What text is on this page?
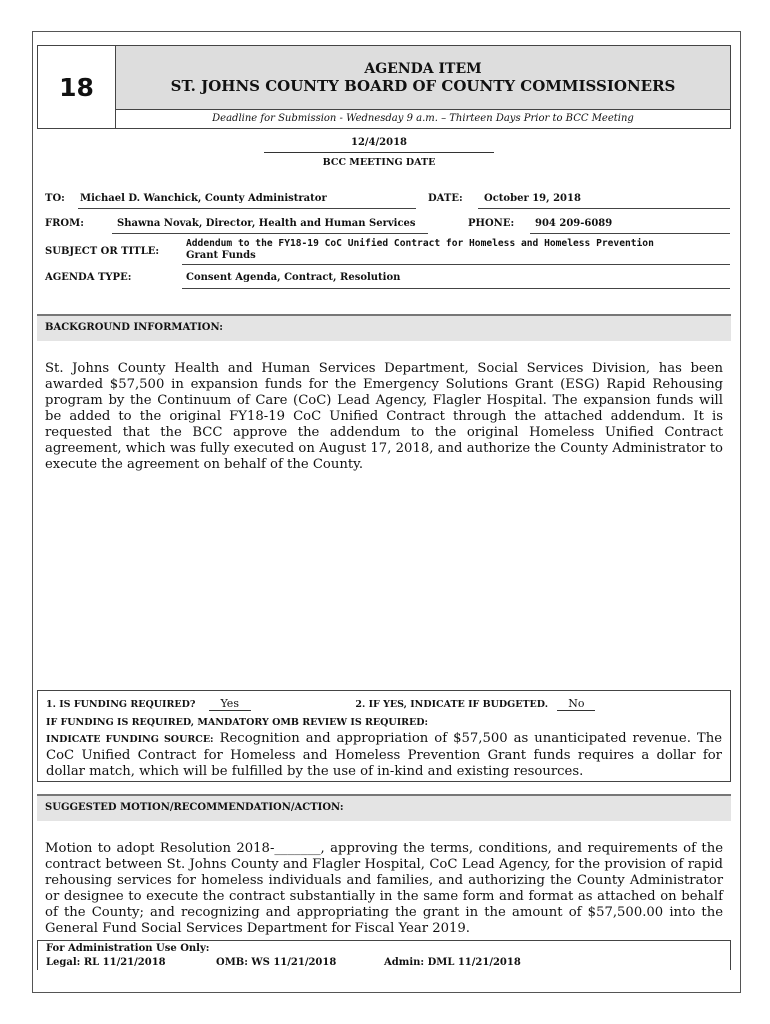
18
AGENDA ITEM
ST. JOHNS COUNTY BOARD OF COUNTY COMMISSIONERS
Deadline for Submission - Wednesday 9 a.m. – Thirteen Days Prior to BCC Meeting
12/4/2018
BCC MEETING DATE
TO: Michael D. Wanchick, County Administrator	DATE: October 19, 2018
FROM:	Shawna Novak, Director, Health and Human Services	PHONE: 904 209-6089
SUBJECT OR TITLE:
Addendum to the FY18-19 CoC Unified Contract for Homeless and Homeless Prevention
Grant Funds
AGENDA TYPE:	Consent Agenda, Contract, Resolution
BACKGROUND INFORMATION:
St. Johns County Health and Human Services Department, Social Services Division, has been awarded $57,500 in expansion funds for the Emergency Solutions Grant (ESG) Rapid Rehousing program by the Continuum of Care (CoC) Lead Agency, Flagler Hospital. The expansion funds will be added to the original FY18-19 CoC Unified Contract through the attached addendum. It is requested that the BCC approve the addendum to the original Homeless Unified Contract agreement, which was fully executed on August 17, 2018, and authorize the County Administrator to execute the agreement on behalf of the County.
1. IS FUNDING REQUIRED? Yes	2. IF YES, INDICATE IF BUDGETED. No
IF FUNDING IS REQUIRED, MANDATORY OMB REVIEW IS REQUIRED:
INDICATE FUNDING SOURCE: Recognition and appropriation of $57,500 as unanticipated revenue. The CoC Unified Contract for Homeless and Homeless Prevention Grant funds requires a dollar for dollar match, which will be fulfilled by the use of in-kind and existing resources.
SUGGESTED MOTION/RECOMMENDATION/ACTION:
Motion to adopt Resolution 2018-_______, approving the terms, conditions, and requirements of the contract between St. Johns County and Flagler Hospital, CoC Lead Agency, for the provision of rapid rehousing services for homeless individuals and families, and authorizing the County Administrator or designee to execute the contract substantially in the same form and format as attached on behalf of the County; and recognizing and appropriating the grant in the amount of $57,500.00 into the General Fund Social Services Department for Fiscal Year 2019.
For Administration Use Only:
Legal: RL 11/21/2018	OMB: WS 11/21/2018	Admin: DML 11/21/2018
